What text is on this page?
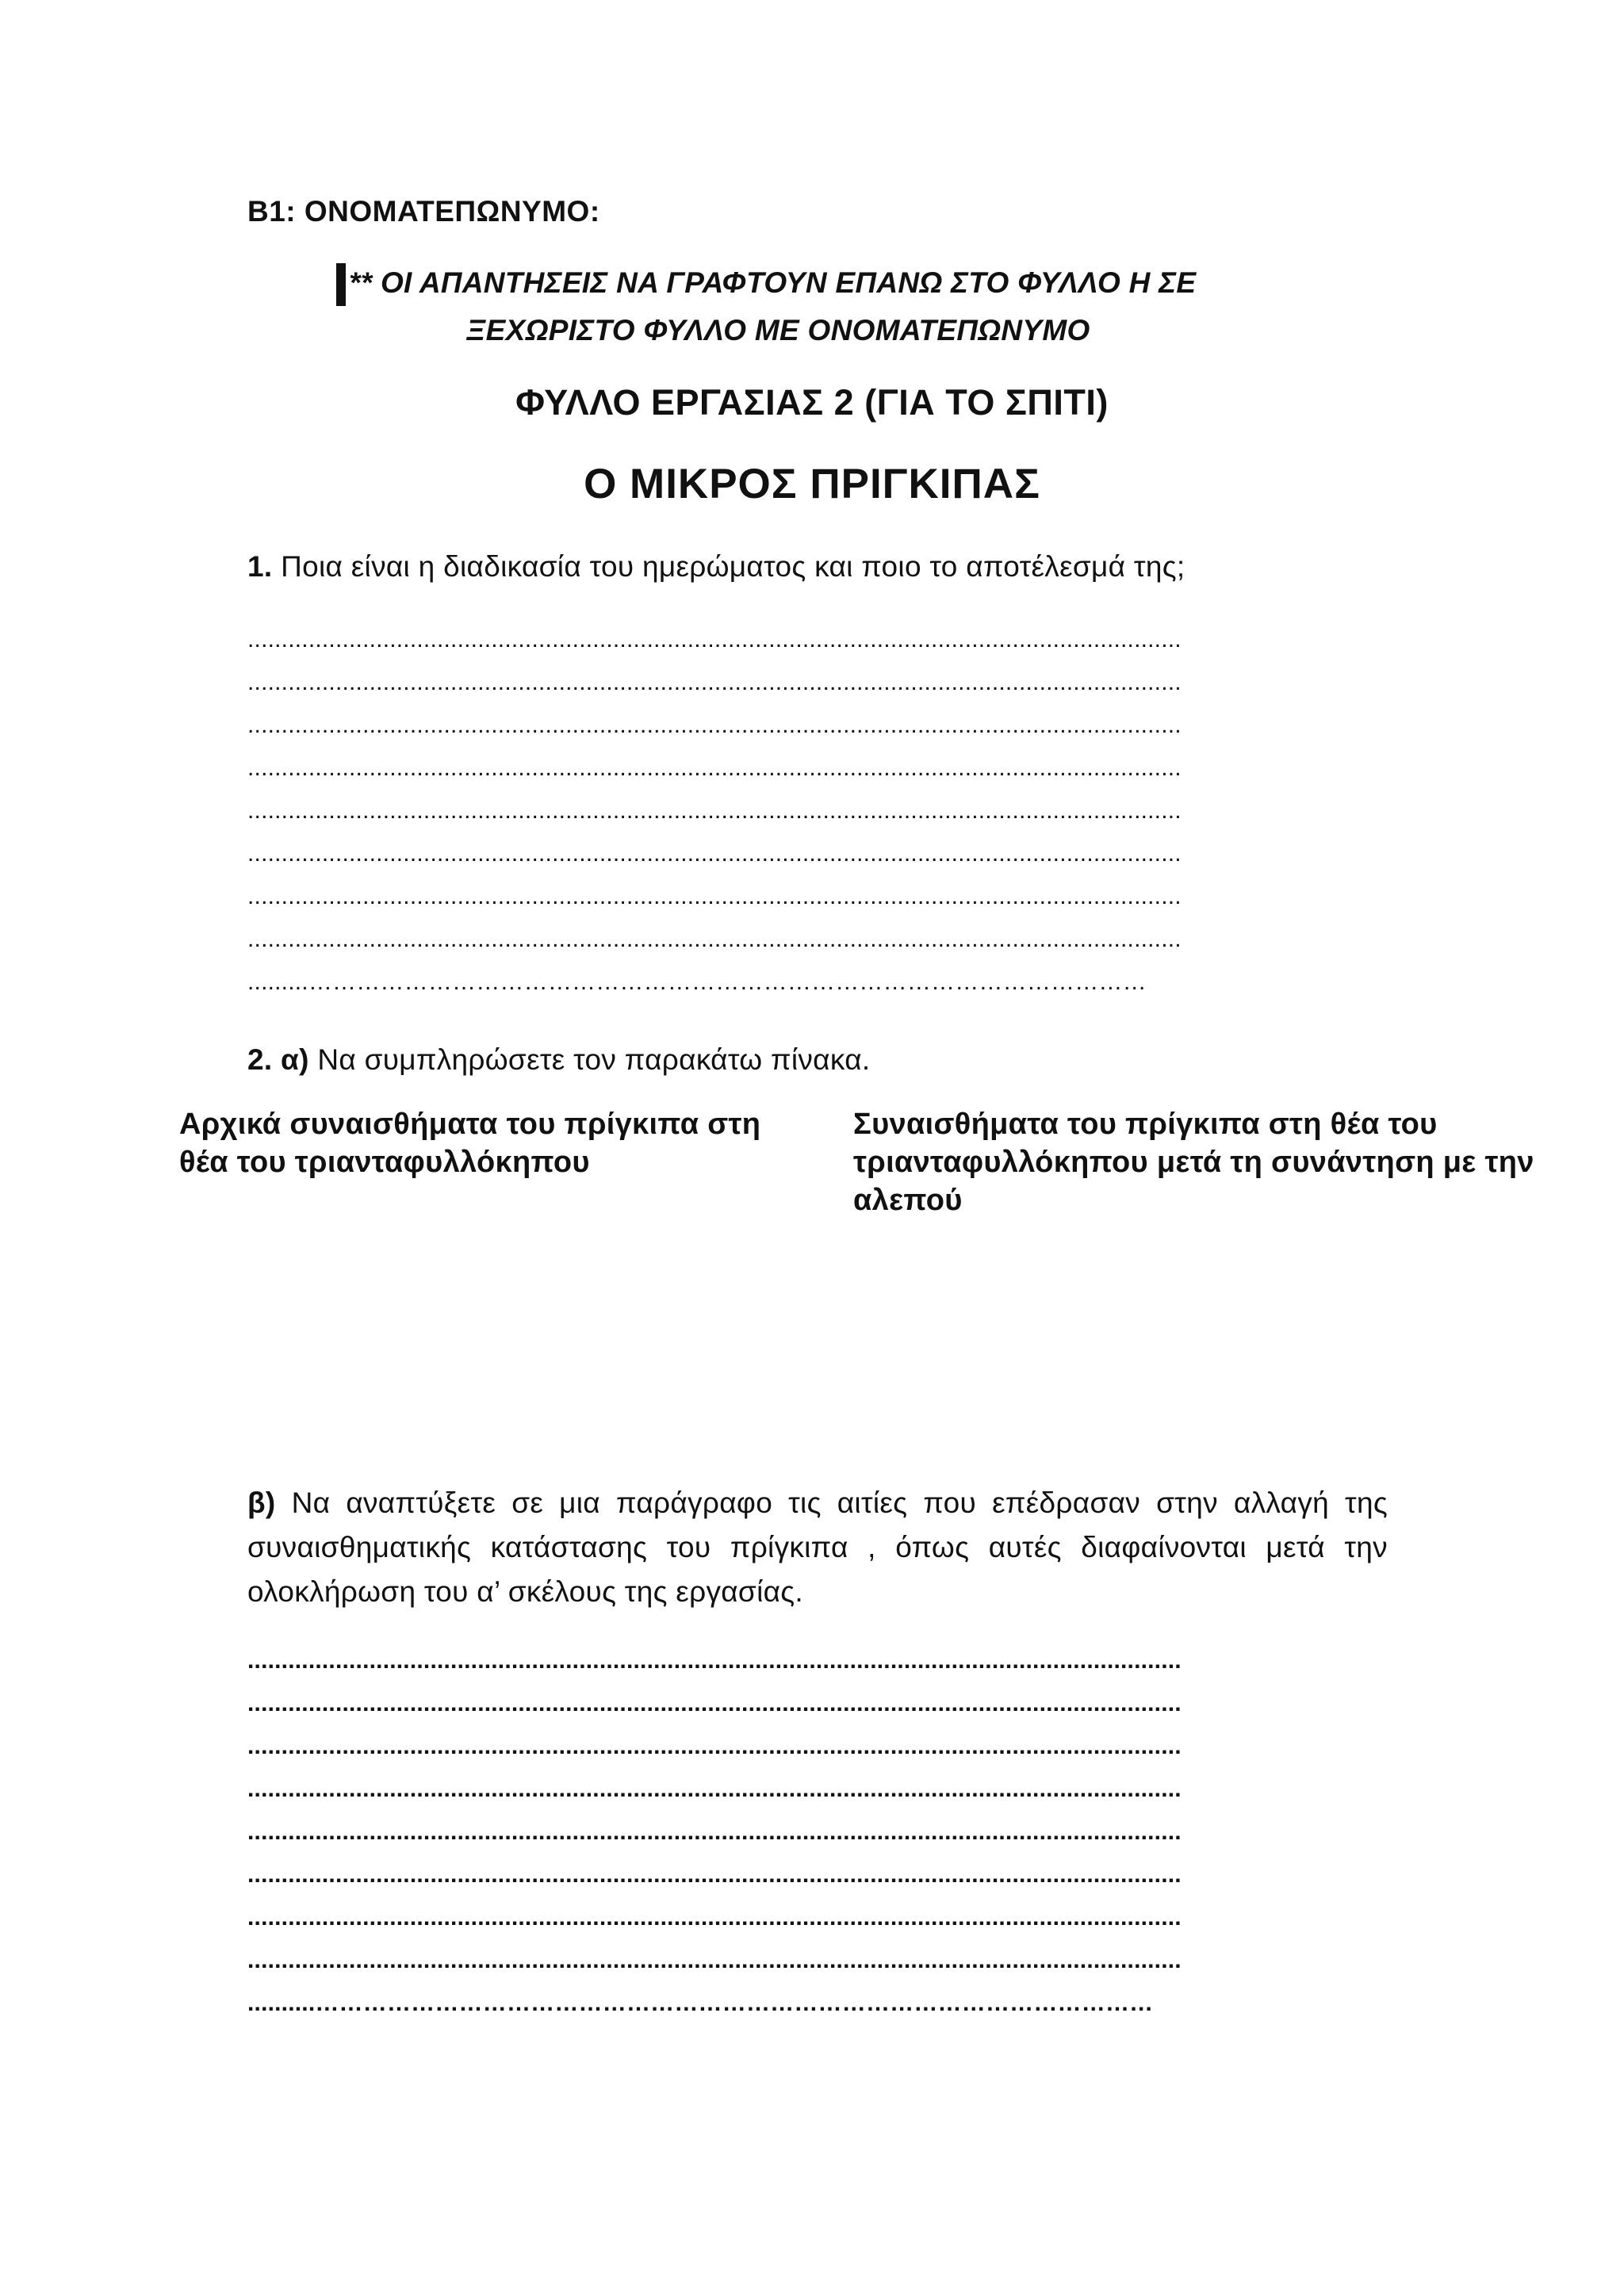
Β1: ΟΝΟΜΑΤΕΠΩΝΥΜΟ:
** ΟΙ ΑΠΑΝΤΗΣΕΙΣ ΝΑ ΓΡΑΦΤΟΥΝ ΕΠΑΝΩ ΣΤΟ ΦΥΛΛΟ Η ΣΕ
ΞΕΧΩΡΙΣΤΟ ΦΥΛΛΟ ΜΕ ΟΝΟΜΑΤΕΠΩΝΥΜΟ
ΦΥΛΛΟ ΕΡΓΑΣΙΑΣ 2 (ΓΙΑ ΤΟ ΣΠΙΤΙ)
Ο ΜΙΚΡΟΣ ΠΡΙΓΚΙΠΑΣ
1. Ποια είναι η διαδικασία του ημερώματος και ποιο το αποτέλεσμά της;
..........................................................................................................................................
..........................................................................................................................................
..........................................................................................................................................
..........................................................................................................................................
..........................................................................................................................................
..........................................................................................................................................
..........................................................................................................................................
..........................................................................................................................................
.........……………………………………………………………………………………………
2. α) Να συμπληρώσετε τον παρακάτω πίνακα.
Αρχικά συναισθήματα του πρίγκιπα στη θέα του τριανταφυλλόκηπου
Συναισθήματα του πρίγκιπα στη θέα του τριανταφυλλόκηπου μετά τη συνάντηση με την αλεπού
β) Να αναπτύξετε σε μια παράγραφο τις αιτίες που επέδρασαν στην αλλαγή της συναισθηματικής κατάστασης του πρίγκιπα , όπως αυτές διαφαίνονται μετά την ολοκλήρωση του α’ σκέλους της εργασίας.
..........................................................................................................................................
..........................................................................................................................................
..........................................................................................................................................
..........................................................................................................................................
..........................................................................................................................................
..........................................................................................................................................
..........................................................................................................................................
..........................................................................................................................................
..........……………………………………………………………………………………………
